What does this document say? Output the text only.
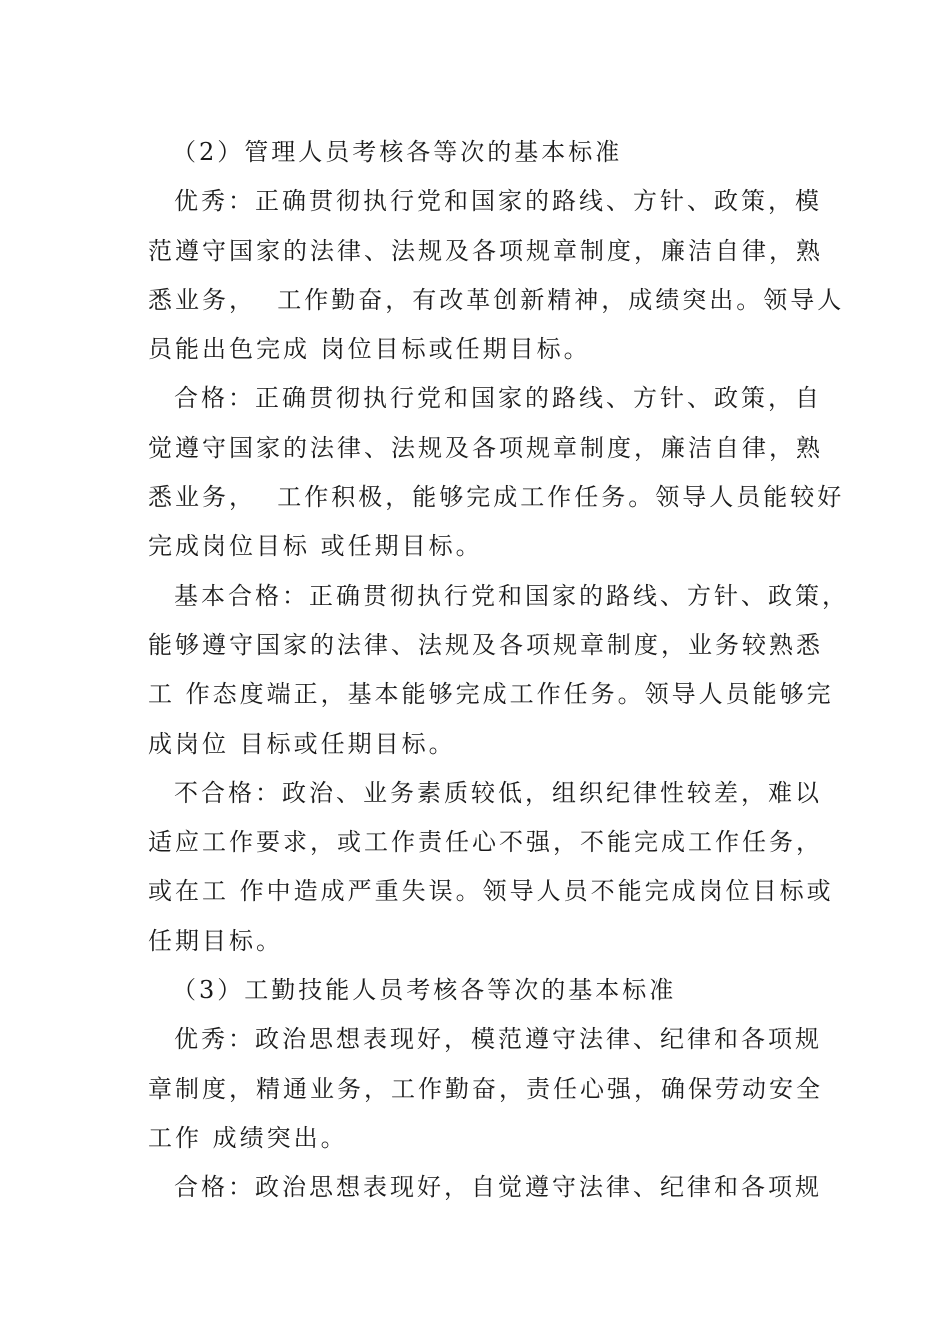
（2）管理人员考核各等次的基本标准
优秀：正确贯彻执行党和国家的路线、方针、政策，模
范遵守国家的法律、法规及各项规章制度，廉洁自律，熟
悉业务，  工作勤奋，有改革创新精神，成绩突出。领导人
员能出色完成 岗位目标或任期目标。
合格：正确贯彻执行党和国家的路线、方针、政策，自
觉遵守国家的法律、法规及各项规章制度，廉洁自律，熟
悉业务，  工作积极，能够完成工作任务。领导人员能较好
完成岗位目标 或任期目标。
基本合格：正确贯彻执行党和国家的路线、方针、政策，
能够遵守国家的法律、法规及各项规章制度，业务较熟悉
工 作态度端正，基本能够完成工作任务。领导人员能够完
成岗位 目标或任期目标。
不合格：政治、业务素质较低，组织纪律性较差，难以
适应工作要求，或工作责任心不强，不能完成工作任务，
或在工 作中造成严重失误。领导人员不能完成岗位目标或
任期目标。
（3）工勤技能人员考核各等次的基本标准
优秀：政治思想表现好，模范遵守法律、纪律和各项规
章制度，精通业务，工作勤奋，责任心强，确保劳动安全
工作 成绩突出。
合格：政治思想表现好，自觉遵守法律、纪律和各项规
